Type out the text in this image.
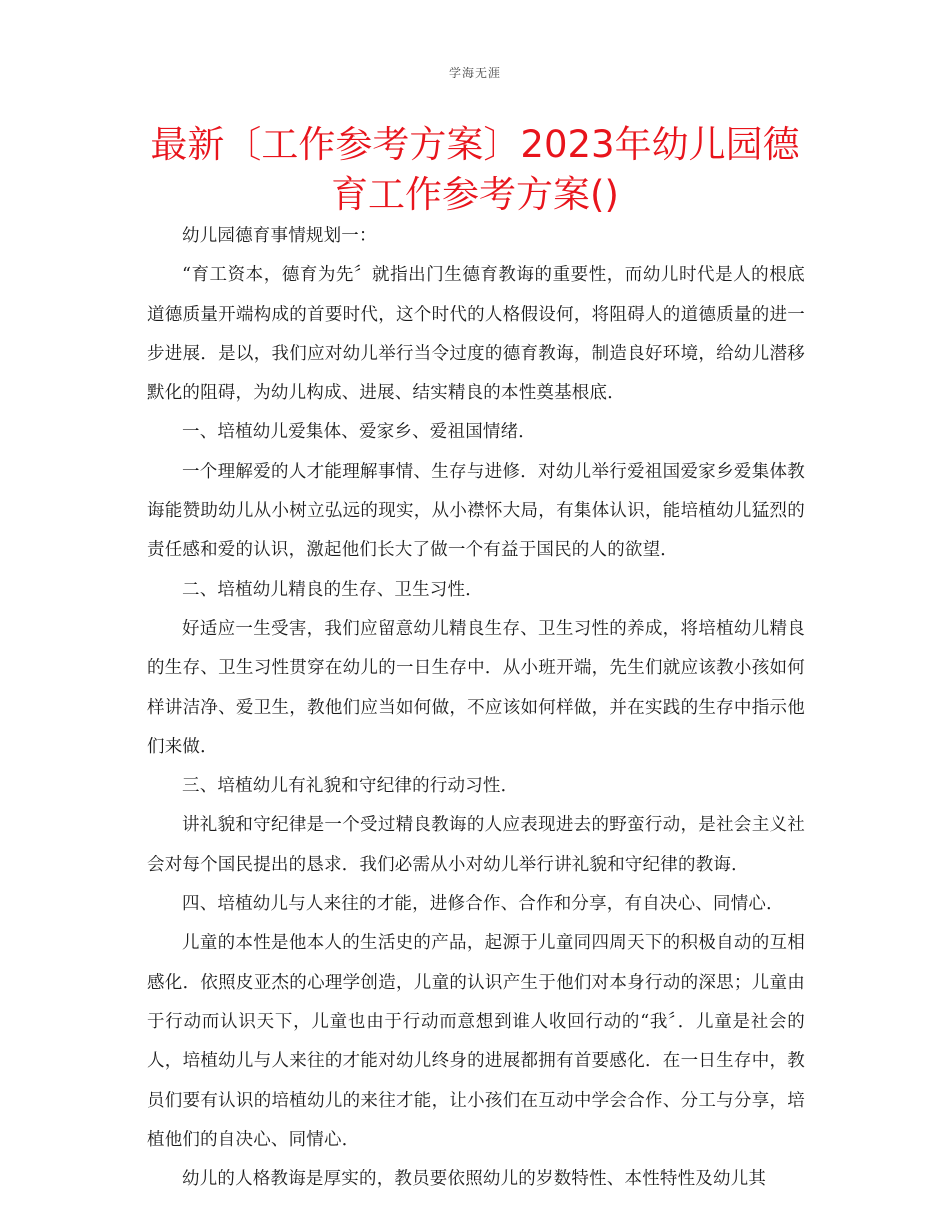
学海无涯
最新〔工作参考方案〕2023年幼儿园德育工作参考方案()

幼儿园德育事情规划一：

“育工资本，德育为先〞就指出门生德育教诲的重要性，而幼儿时代是人的根底道德质量开端构成的首要时代，这个时代的人格假设何，将阻碍人的道德质量的进一步进展．是以，我们应对幼儿举行当令过度的德育教诲，制造良好环境，给幼儿潜移默化的阻碍，为幼儿构成、进展、结实精良的本性奠基根底．

一、培植幼儿爱集体、爱家乡、爱祖国情绪．

一个理解爱的人才能理解事情、生存与进修．对幼儿举行爱祖国爱家乡爱集体教诲能赞助幼儿从小树立弘远的现实，从小襟怀大局，有集体认识，能培植幼儿猛烈的责任感和爱的认识，激起他们长大了做一个有益于国民的人的欲望．

二、培植幼儿精良的生存、卫生习性．

好适应一生受害，我们应留意幼儿精良生存、卫生习性的养成，将培植幼儿精良的生存、卫生习性贯穿在幼儿的一日生存中．从小班开端，先生们就应该教小孩如何样讲洁净、爱卫生，教他们应当如何做，不应该如何样做，并在实践的生存中指示他们来做．

三、培植幼儿有礼貌和守纪律的行动习性．

讲礼貌和守纪律是一个受过精良教诲的人应表现进去的野蛮行动，是社会主义社会对每个国民提出的恳求．我们必需从小对幼儿举行讲礼貌和守纪律的教诲．

四、培植幼儿与人来往的才能，进修合作、合作和分享，有自决心、同情心．

儿童的本性是他本人的生活史的产品，起源于儿童同四周天下的积极自动的互相感化．依照皮亚杰的心理学创造，儿童的认识产生于他们对本身行动的深思；儿童由于行动而认识天下，儿童也由于行动而意想到谁人收回行动的“我〞．儿童是社会的人，培植幼儿与人来往的才能对幼儿终身的进展都拥有首要感化．在一日生存中，教员们要有认识的培植幼儿的来往才能，让小孩们在互动中学会合作、分工与分享，培植他们的自决心、同情心．

幼儿的人格教诲是厚实的，教员要依照幼儿的岁数特性、本性特性及幼儿其
